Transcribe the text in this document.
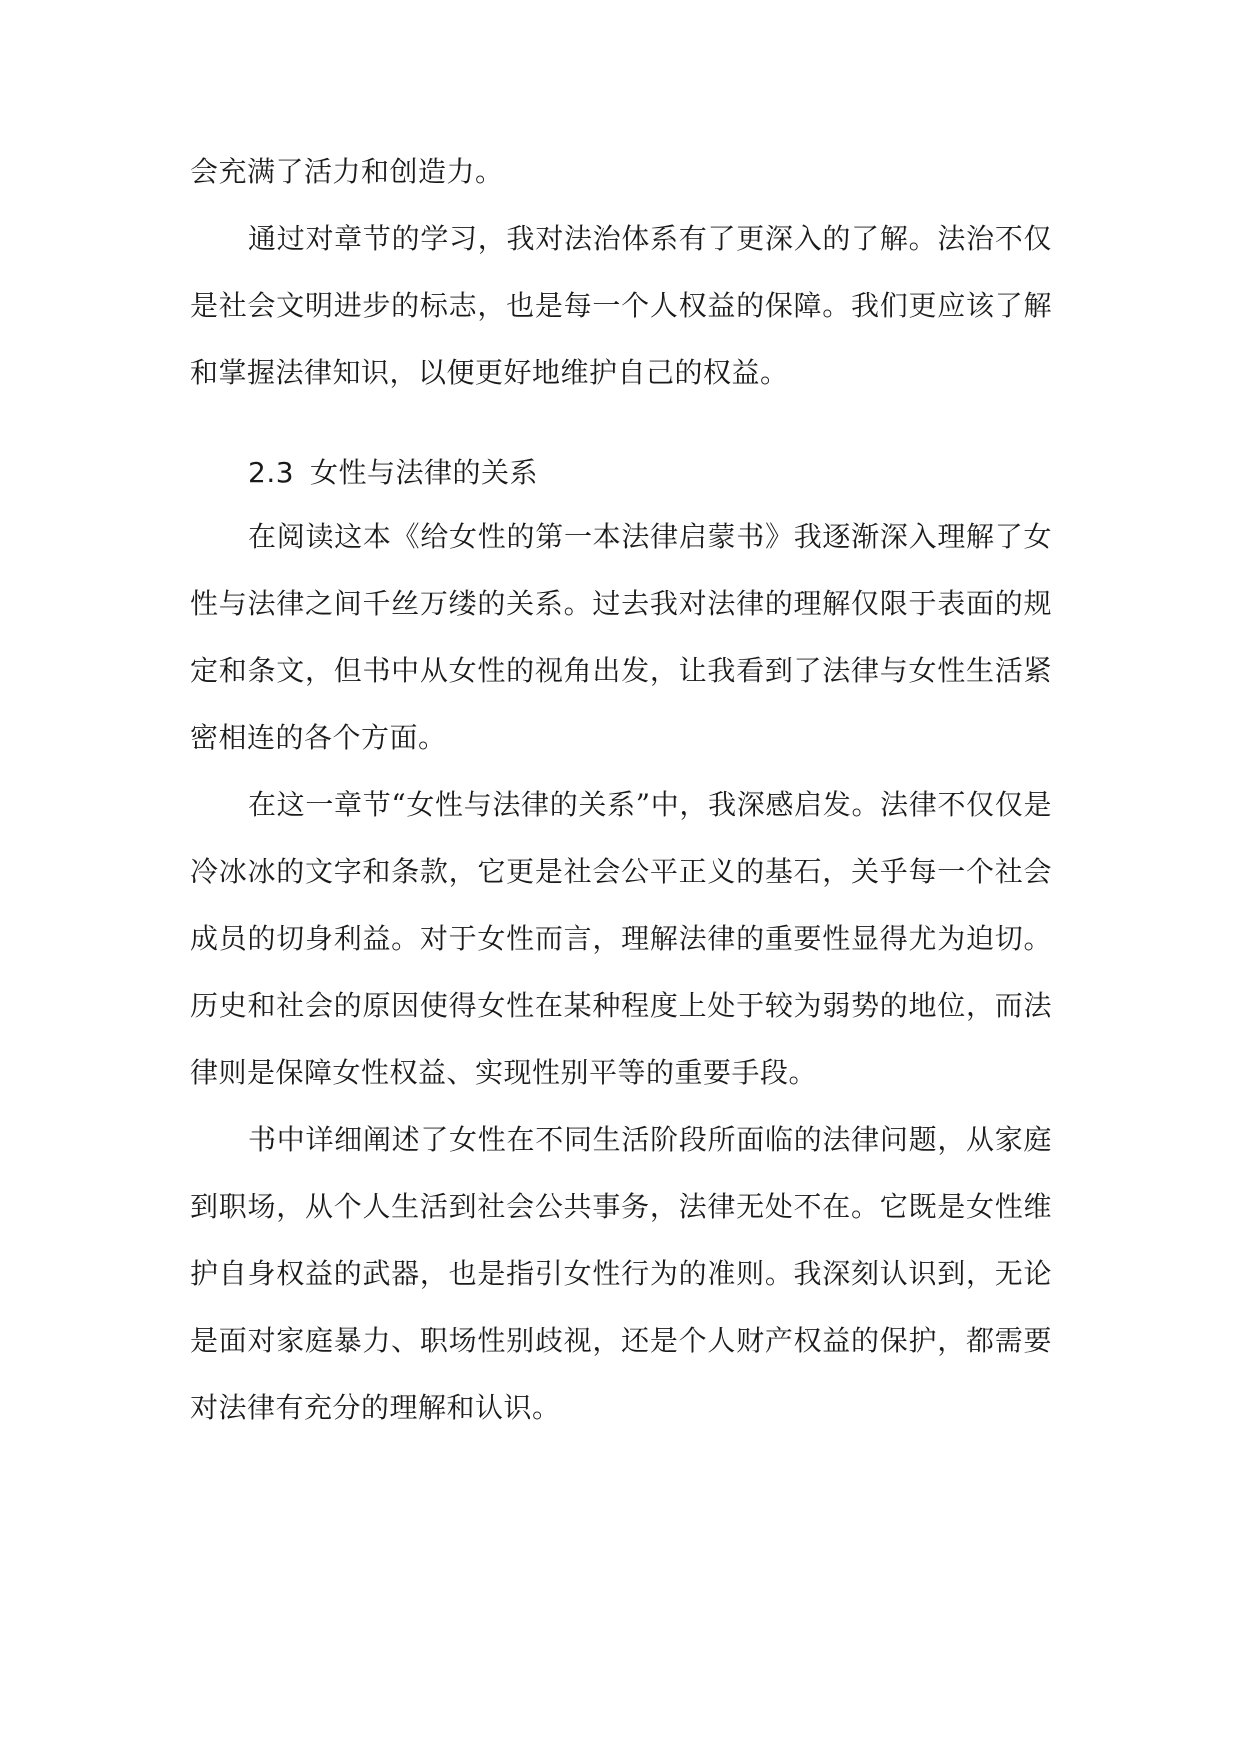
会充满了活力和创造力。

通过对章节的学习，我对法治体系有了更深入的了解。法治不仅是社会文明进步的标志，也是每一个人权益的保障。我们更应该了解和掌握法律知识，以便更好地维护自己的权益。

2.3 女性与法律的关系

在阅读这本《给女性的第一本法律启蒙书》我逐渐深入理解了女性与法律之间千丝万缕的关系。过去我对法律的理解仅限于表面的规定和条文，但书中从女性的视角出发，让我看到了法律与女性生活紧密相连的各个方面。

在这一章节“女性与法律的关系”中，我深感启发。法律不仅仅是冷冰冰的文字和条款，它更是社会公平正义的基石，关乎每一个社会成员的切身利益。对于女性而言，理解法律的重要性显得尤为迫切。历史和社会的原因使得女性在某种程度上处于较为弱势的地位，而法律则是保障女性权益、实现性别平等的重要手段。

书中详细阐述了女性在不同生活阶段所面临的法律问题，从家庭到职场，从个人生活到社会公共事务，法律无处不在。它既是女性维护自身权益的武器，也是指引女性行为的准则。我深刻认识到，无论是面对家庭暴力、职场性别歧视，还是个人财产权益的保护，都需要对法律有充分的理解和认识。
